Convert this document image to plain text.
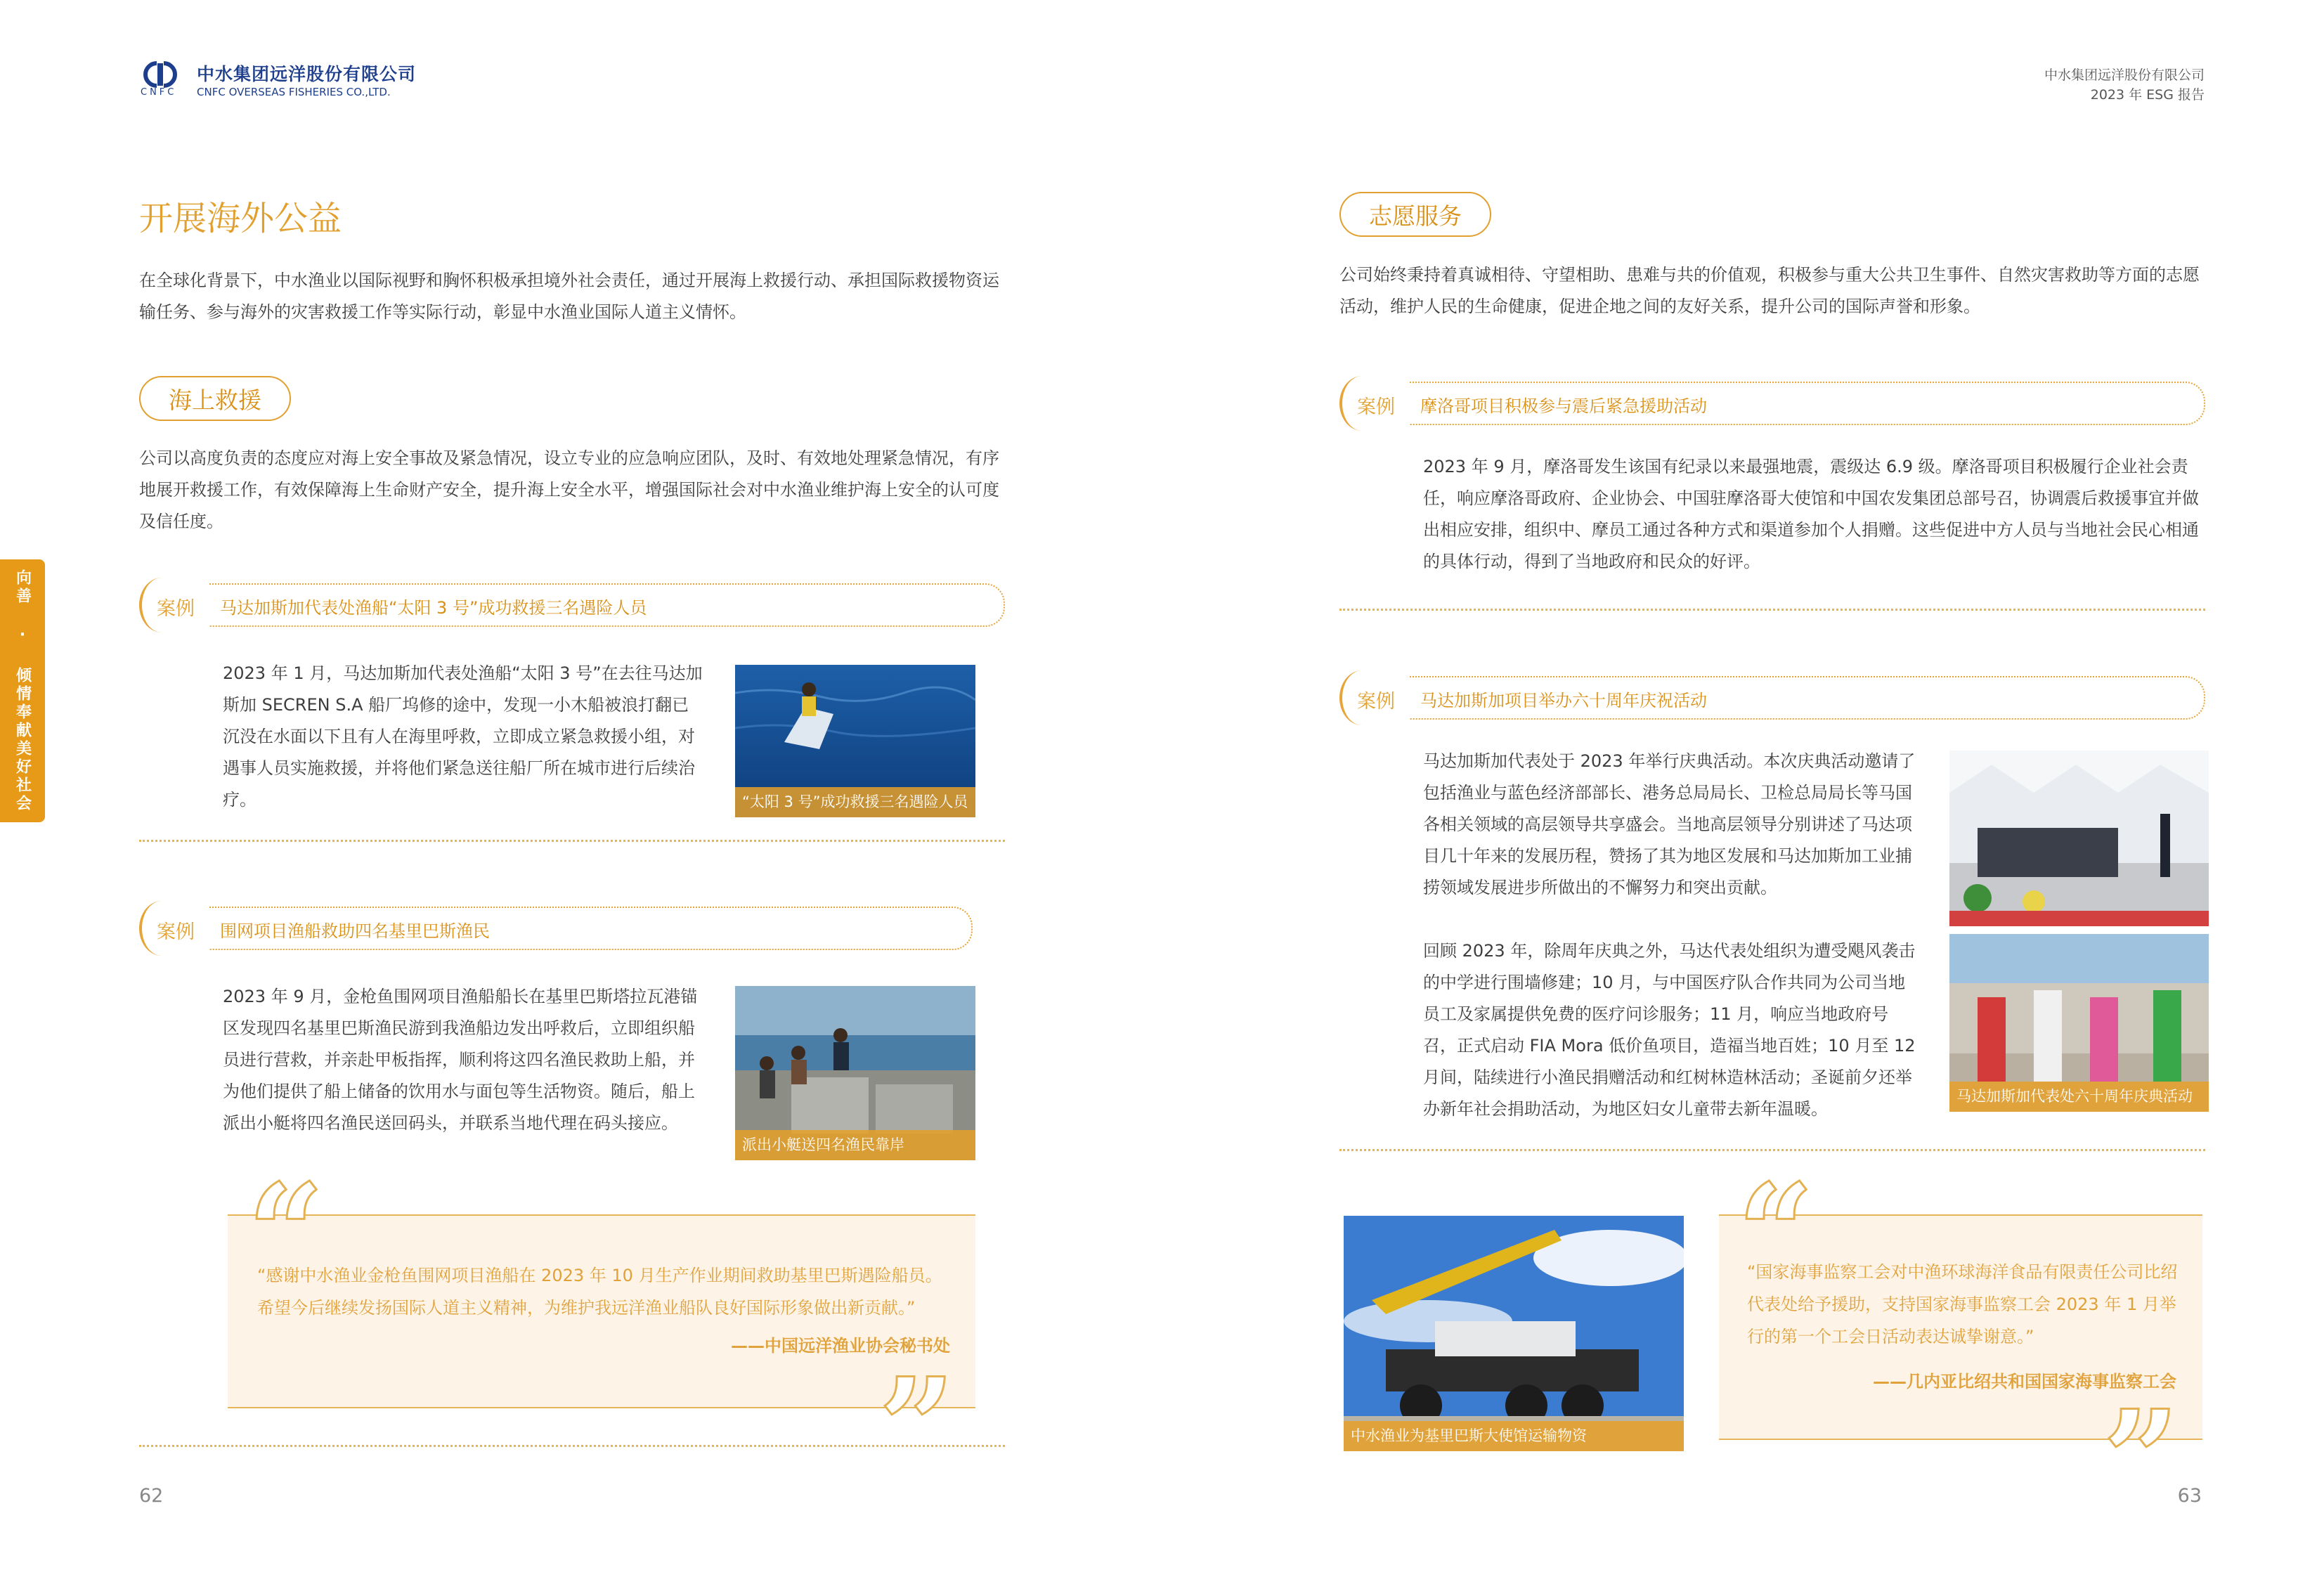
CNFC
中水集团远洋股份有限公司
CNFC OVERSEAS FISHERIES CO.,LTD.
中水集团远洋股份有限公司
2023 年 ESG 报告
向善 · 倾情奉献美好社会
开展海外公益
在全球化背景下，中水渔业以国际视野和胸怀积极承担境外社会责任，通过开展海上救援行动、承担国际救援物资运输任务、参与海外的灾害救援工作等实际行动，彰显中水渔业国际人道主义情怀。
海上救援
公司以高度负责的态度应对海上安全事故及紧急情况，设立专业的应急响应团队，及时、有效地处理紧急情况，有序地展开救援工作，有效保障海上生命财产安全，提升海上安全水平，增强国际社会对中水渔业维护海上安全的认可度及信任度。
案例 马达加斯加代表处渔船“太阳 3 号”成功救援三名遇险人员
2023 年 1 月，马达加斯加代表处渔船“太阳 3 号”在去往马达加斯加 SECREN S.A 船厂坞修的途中，发现一小木船被浪打翻已沉没在水面以下且有人在海里呼救，立即成立紧急救援小组，对遇事人员实施救援，并将他们紧急送往船厂所在城市进行后续治疗。	“太阳 3 号”成功救援三名遇险人员
案例 围网项目渔船救助四名基里巴斯渔民
2023 年 9 月，金枪鱼围网项目渔船船长在基里巴斯塔拉瓦港锚区发现四名基里巴斯渔民游到我渔船边发出呼救后，立即组织船员进行营救，并亲赴甲板指挥，顺利将这四名渔民救助上船，并为他们提供了船上储备的饮用水与面包等生活物资。随后，船上派出小艇将四名渔民送回码头，并联系当地代理在码头接应。
派出小艇送四名渔民靠岸
“
“感谢中水渔业金枪鱼围网项目渔船在 2023 年 10 月生产作业期间救助基里巴斯遇险船员。希望今后继续发扬国际人道主义精神，为维护我远洋渔业船队良好国际形象做出新贡献。”
——中国远洋渔业协会秘书处
”
62
志愿服务
公司始终秉持着真诚相待、守望相助、患难与共的价值观，积极参与重大公共卫生事件、自然灾害救助等方面的志愿活动，维护人民的生命健康，促进企地之间的友好关系，提升公司的国际声誉和形象。
案例 摩洛哥项目积极参与震后紧急援助活动
2023 年 9 月，摩洛哥发生该国有纪录以来最强地震，震级达 6.9 级。摩洛哥项目积极履行企业社会责任，响应摩洛哥政府、企业协会、中国驻摩洛哥大使馆和中国农发集团总部号召，协调震后救援事宜并做出相应安排，组织中、摩员工通过各种方式和渠道参加个人捐赠。这些促进中方人员与当地社会民心相通的具体行动，得到了当地政府和民众的好评。
案例 马达加斯加项目举办六十周年庆祝活动
马达加斯加代表处于 2023 年举行庆典活动。本次庆典活动邀请了包括渔业与蓝色经济部部长、港务总局局长、卫检总局局长等马国各相关领域的高层领导共享盛会。当地高层领导分别讲述了马达项目几十年来的发展历程，赞扬了其为地区发展和马达加斯加工业捕捞领域发展进步所做出的不懈努力和突出贡献。
回顾 2023 年，除周年庆典之外，马达代表处组织为遭受飓风袭击的中学进行围墙修建；10 月，与中国医疗队合作共同为公司当地员工及家属提供免费的医疗问诊服务；11 月，响应当地政府号召，正式启动 FIA Mora 低价鱼项目，造福当地百姓；10 月至 12 月间，陆续进行小渔民捐赠活动和红树林造林活动；圣诞前夕还举办新年社会捐助活动，为地区妇女儿童带去新年温暖。
马达加斯加代表处六十周年庆典活动
中水渔业为基里巴斯大使馆运输物资
“
“国家海事监察工会对中渔环球海洋食品有限责任公司比绍代表处给予援助，支持国家海事监察工会 2023 年 1 月举行的第一个工会日活动表达诚挚谢意。”
——几内亚比绍共和国国家海事监察工会
”
63
